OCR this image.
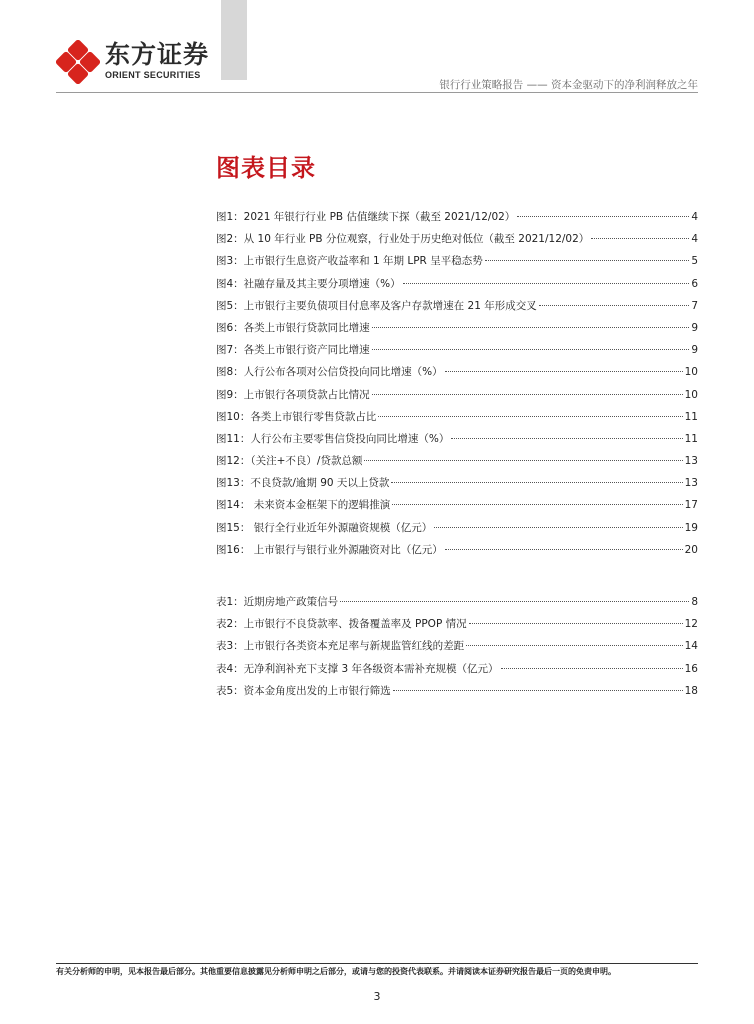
东方证券
ORIENT SECURITIES
银行行业策略报告 —— 资本金驱动下的净利润释放之年
图表目录
图1：2021 年银行行业 PB 估值继续下探（截至 2021/12/02）	4
图2：从 10 年行业 PB 分位观察，行业处于历史绝对低位（截至 2021/12/02）	4
图3：上市银行生息资产收益率和 1 年期 LPR 呈平稳态势	5
图4：社融存量及其主要分项增速（%）	6
图5：上市银行主要负债项目付息率及客户存款增速在 21 年形成交叉	7
图6：各类上市银行贷款同比增速	9
图7：各类上市银行资产同比增速	9
图8：人行公布各项对公信贷投向同比增速（%）	10
图9：上市银行各项贷款占比情况	10
图10：各类上市银行零售贷款占比	11
图11：人行公布主要零售信贷投向同比增速（%）	11
图12：（关注+不良）/贷款总额	13
图13：不良贷款/逾期 90 天以上贷款	13
图14： 未来资本金框架下的逻辑推演	17
图15： 银行全行业近年外源融资规模（亿元）	19
图16： 上市银行与银行业外源融资对比（亿元）	20
表1：近期房地产政策信号	8
表2：上市银行不良贷款率、拨备覆盖率及 PPOP 情况	12
表3：上市银行各类资本充足率与新规监管红线的差距	14
表4：无净利润补充下支撑 3 年各级资本需补充规模（亿元）	16
表5：资本金角度出发的上市银行筛选	18
有关分析师的申明，见本报告最后部分。其他重要信息披露见分析师申明之后部分，或请与您的投资代表联系。并请阅读本证券研究报告最后一页的免责申明。
3
